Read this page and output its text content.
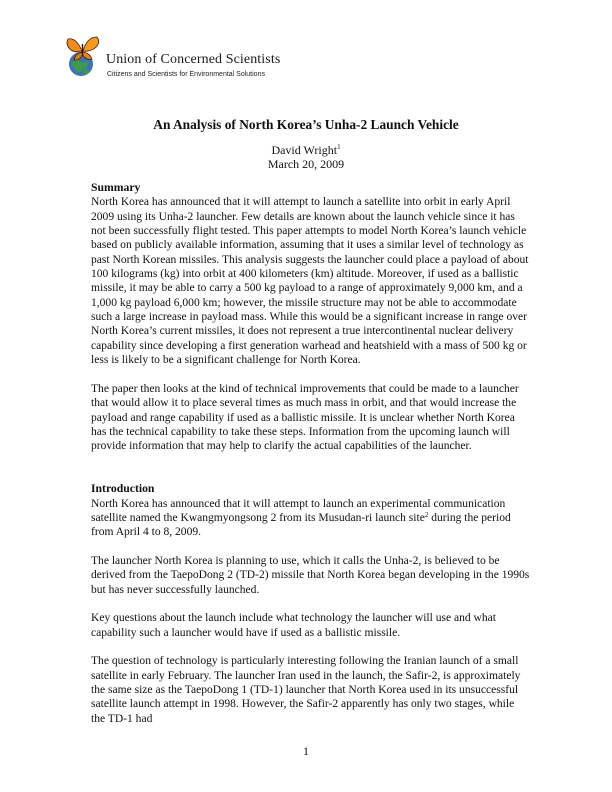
Union of Concerned Scientists
Citizens and Scientists for Environmental Solutions
An Analysis of North Korea’s Unha-2 Launch Vehicle
David Wright$^1$
March 20, 2009
Summary

North Korea has announced that it will attempt to launch a satellite into orbit in early April 2009 using its Unha-2 launcher. Few details are known about the launch vehicle since it has not been successfully flight tested. This paper attempts to model North Korea’s launch vehicle based on publicly available information, assuming that it uses a similar level of technology as past North Korean missiles. This analysis suggests the launcher could place a payload of about 100 kilograms (kg) into orbit at 400 kilometers (km) altitude. Moreover, if used as a ballistic missile, it may be able to carry a 500 kg payload to a range of approximately 9,000 km, and a 1,000 kg payload 6,000 km; however, the missile structure may not be able to accommodate such a large increase in payload mass. While this would be a significant increase in range over North Korea’s current missiles, it does not represent a true intercontinental nuclear delivery capability since developing a first generation warhead and heatshield with a mass of 500 kg or less is likely to be a significant challenge for North Korea.

The paper then looks at the kind of technical improvements that could be made to a launcher that would allow it to place several times as much mass in orbit, and that would increase the payload and range capability if used as a ballistic missile. It is unclear whether North Korea has the technical capability to take these steps. Information from the upcoming launch will provide information that may help to clarify the actual capabilities of the launcher.

Introduction

North Korea has announced that it will attempt to launch an experimental communication satellite named the Kwangmyongsong 2 from its Musudan-ri launch site$^2$ during the period from April 4 to 8, 2009.

The launcher North Korea is planning to use, which it calls the Unha-2, is believed to be derived from the TaepoDong 2 (TD-2) missile that North Korea began developing in the 1990s but has never successfully launched.

Key questions about the launch include what technology the launcher will use and what capability such a launcher would have if used as a ballistic missile.

The question of technology is particularly interesting following the Iranian launch of a small satellite in early February. The launcher Iran used in the launch, the Safir-2, is approximately the same size as the TaepoDong 1 (TD-1) launcher that North Korea used in its unsuccessful satellite launch attempt in 1998. However, the Safir-2 apparently has only two stages, while the TD-1 had

1
